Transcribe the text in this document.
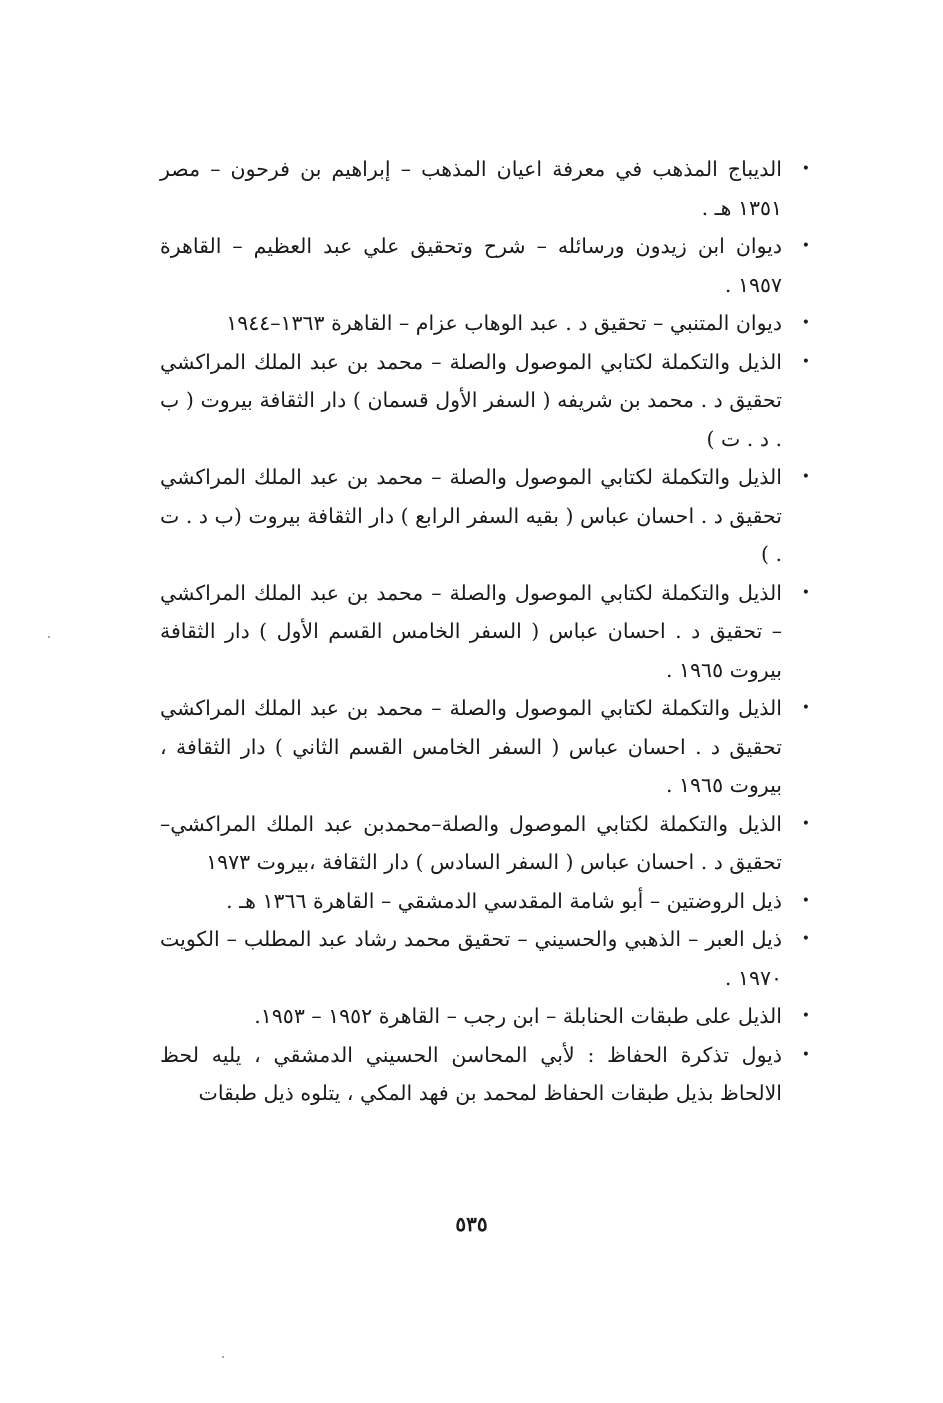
•
الديباج المذهب في معرفة اعيان المذهب – إبراهيم بن فرحون – مصر ١٣٥١ هـ .
•
ديوان ابن زيدون ورسائله – شرح وتحقيق علي عبد العظيم – القاهرة ١٩٥٧ .
•
ديوان المتنبي – تحقيق د . عبد الوهاب عزام – القاهرة ١٣٦٣–١٩٤٤
•
الذيل والتكملة لكتابي الموصول والصلة – محمد بن عبد الملك المراكشي تحقيق د . محمد بن شريفه ( السفر الأول قسمان ) دار الثقافة بيروت ( ب . د . ت )
•
الذيل والتكملة لكتابي الموصول والصلة – محمد بن عبد الملك المراكشي تحقيق د . احسان عباس ( بقيه السفر الرابع ) دار الثقافة بيروت (ب د . ت . )
•
الذيل والتكملة لكتابي الموصول والصلة – محمد بن عبد الملك المراكشي – تحقيق د . احسان عباس ( السفر الخامس القسم الأول ) دار الثقافة بيروت ١٩٦٥ .
•
الذيل والتكملة لكتابي الموصول والصلة – محمد بن عبد الملك المراكشي تحقيق د . احسان عباس ( السفر الخامس القسم الثاني ) دار الثقافة ، بيروت ١٩٦٥ .
•
الذيل والتكملة لكتابي الموصول والصلة–محمدبن عبد الملك المراكشي– تحقيق د . احسان عباس ( السفر السادس ) دار الثقافة ،بيروت ١٩٧٣
•
ذيل الروضتين – أبو شامة المقدسي الدمشقي – القاهرة ١٣٦٦ هـ .
•
ذيل العبر – الذهبي والحسيني – تحقيق محمد رشاد عبد المطلب – الكويت ١٩٧٠ .
•
الذيل على طبقات الحنابلة – ابن رجب – القاهرة ١٩٥٢ – ١٩٥٣.
•
ذيول تذكرة الحفاظ : لأبي المحاسن الحسيني الدمشقي ، يليه لحظ الالحاظ بذيل طبقات الحفاظ لمحمد بن فهد المكي ، يتلوه ذيل طبقات
٥٣٥
